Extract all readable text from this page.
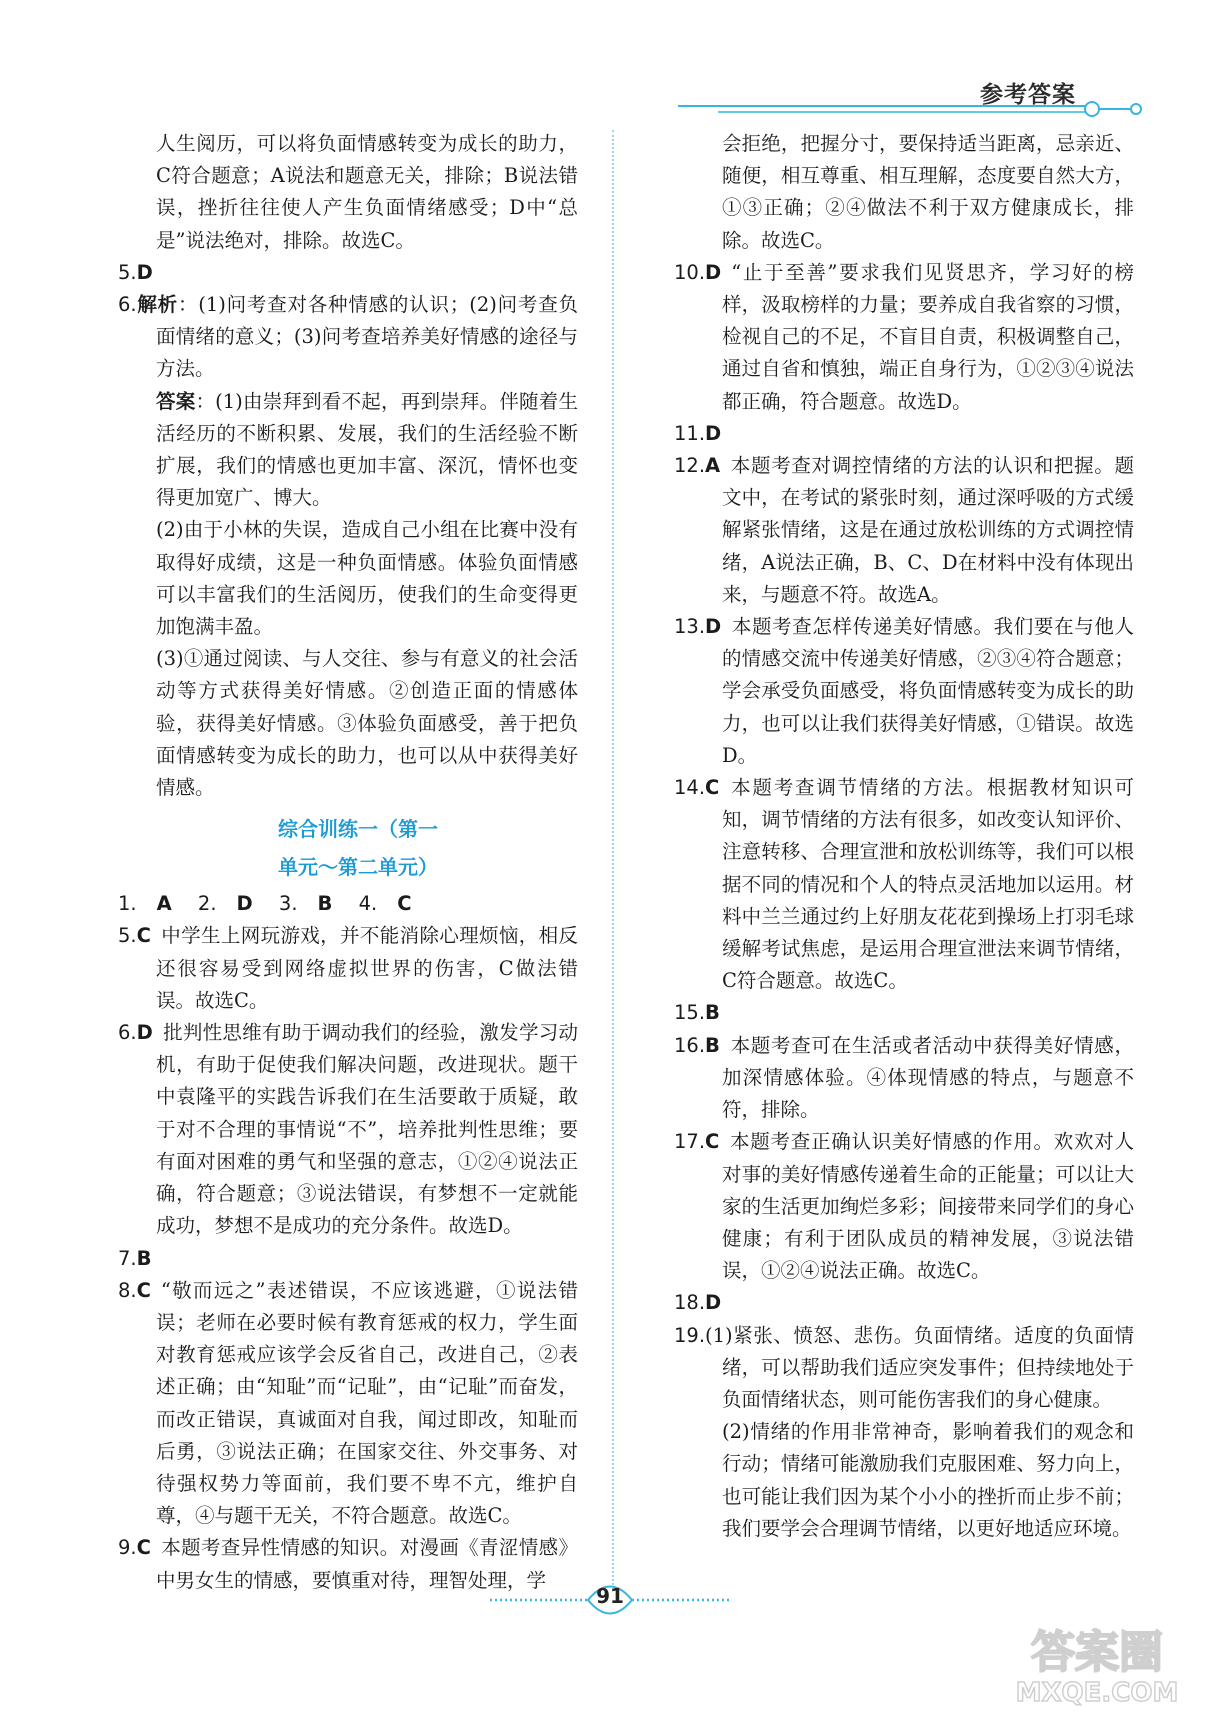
参考答案

人生阅历，可以将负面情感转变为成长的助力，C符合题意；A说法和题意无关，排除；B说法错误，挫折往往使人产生负面情绪感受；D中“总是”说法绝对，排除。故选C。

5.D

6.解析：(1)问考查对各种情感的认识；(2)问考查负面情绪的意义；(3)问考查培养美好情感的途径与方法。

答案：(1)由崇拜到看不起，再到崇拜。伴随着生活经历的不断积累、发展，我们的生活经验不断扩展，我们的情感也更加丰富、深沉，情怀也变得更加宽广、博大。

(2)由于小林的失误，造成自己小组在比赛中没有取得好成绩，这是一种负面情感。体验负面情感可以丰富我们的生活阅历，使我们的生命变得更加饱满丰盈。

(3)①通过阅读、与人交往、参与有意义的社会活动等方式获得美好情感。②创造正面的情感体验，获得美好情感。③体验负面感受，善于把负面情感转变为成长的助力，也可以从中获得美好情感。

综合训练一（第一
单元～第二单元）

1. A 2. D 3. B 4. C

5.C 中学生上网玩游戏，并不能消除心理烦恼，相反还很容易受到网络虚拟世界的伤害，C做法错误。故选C。

6.D 批判性思维有助于调动我们的经验，激发学习动机，有助于促使我们解决问题，改进现状。题干中袁隆平的实践告诉我们在生活要敢于质疑，敢于对不合理的事情说“不”，培养批判性思维；要有面对困难的勇气和坚强的意志，①②④说法正确，符合题意；③说法错误，有梦想不一定就能成功，梦想不是成功的充分条件。故选D。

7.B

8.C “敬而远之”表述错误，不应该逃避，①说法错误；老师在必要时候有教育惩戒的权力，学生面对教育惩戒应该学会反省自己，改进自己，②表述正确；由“知耻”而“记耻”，由“记耻”而奋发，而改正错误，真诚面对自我，闻过即改，知耻而后勇，③说法正确；在国家交往、外交事务、对待强权势力等面前，我们要不卑不亢，维护自尊，④与题干无关，不符合题意。故选C。

9.C 本题考查异性情感的知识。对漫画《青涩情感》中男女生的情感，要慎重对待，理智处理，学

会拒绝，把握分寸，要保持适当距离，忌亲近、随便，相互尊重、相互理解，态度要自然大方，①③正确；②④做法不利于双方健康成长，排除。故选C。

10.D “止于至善”要求我们见贤思齐，学习好的榜样，汲取榜样的力量；要养成自我省察的习惯，检视自己的不足，不盲目自责，积极调整自己，通过自省和慎独，端正自身行为，①②③④说法都正确，符合题意。故选D。

11.D

12.A 本题考查对调控情绪的方法的认识和把握。题文中，在考试的紧张时刻，通过深呼吸的方式缓解紧张情绪，这是在通过放松训练的方式调控情绪，A说法正确，B、C、D在材料中没有体现出来，与题意不符。故选A。

13.D 本题考查怎样传递美好情感。我们要在与他人的情感交流中传递美好情感，②③④符合题意；学会承受负面感受，将负面情感转变为成长的助力，也可以让我们获得美好情感，①错误。故选D。

14.C 本题考查调节情绪的方法。根据教材知识可知，调节情绪的方法有很多，如改变认知评价、注意转移、合理宣泄和放松训练等，我们可以根据不同的情况和个人的特点灵活地加以运用。材料中兰兰通过约上好朋友花花到操场上打羽毛球缓解考试焦虑，是运用合理宣泄法来调节情绪，C符合题意。故选C。

15.B

16.B 本题考查可在生活或者活动中获得美好情感，加深情感体验。④体现情感的特点，与题意不符，排除。

17.C 本题考查正确认识美好情感的作用。欢欢对人对事的美好情感传递着生命的正能量；可以让大家的生活更加绚烂多彩；间接带来同学们的身心健康；有利于团队成员的精神发展，③说法错误，①②④说法正确。故选C。

18.D

19.(1)紧张、愤怒、悲伤。负面情绪。适度的负面情绪，可以帮助我们适应突发事件；但持续地处于负面情绪状态，则可能伤害我们的身心健康。

(2)情绪的作用非常神奇，影响着我们的观念和行动；情绪可能激励我们克服困难、努力向上，也可能让我们因为某个小小的挫折而止步不前；我们要学会合理调节情绪，以更好地适应环境。

91
答案圈
MXQE.COM
